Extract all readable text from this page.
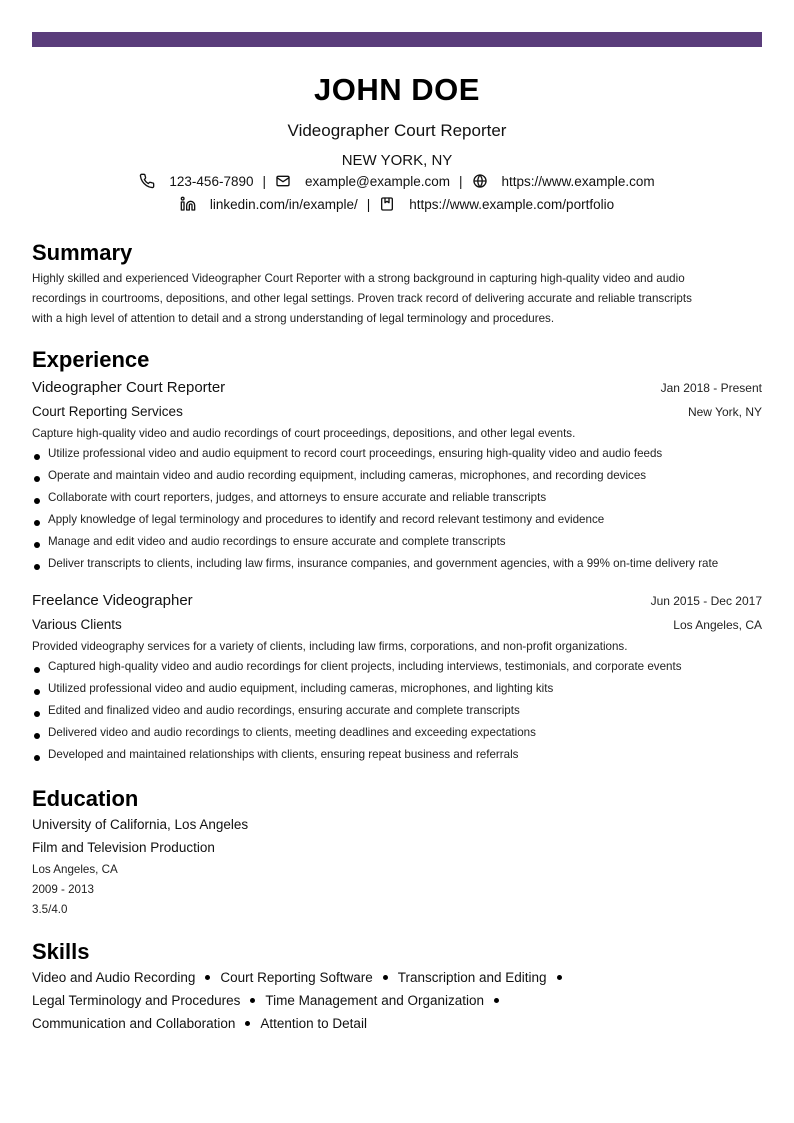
JOHN DOE
Videographer Court Reporter
NEW YORK, NY
123-456-7890 |	example@example.com |	https://www.example.com
linkedin.com/in/example/ |	https://www.example.com/portfolio
Summary
Highly skilled and experienced Videographer Court Reporter with a strong background in capturing high-quality video and audio
recordings in courtrooms, depositions, and other legal settings. Proven track record of delivering accurate and reliable transcripts
with a high level of attention to detail and a strong understanding of legal terminology and procedures.
Experience
Videographer Court Reporter	Jan 2018 - Present
Court Reporting Services	New York, NY
Capture high-quality video and audio recordings of court proceedings, depositions, and other legal events.
Utilize professional video and audio equipment to record court proceedings, ensuring high-quality video and audio feeds
Operate and maintain video and audio recording equipment, including cameras, microphones, and recording devices
Collaborate with court reporters, judges, and attorneys to ensure accurate and reliable transcripts
Apply knowledge of legal terminology and procedures to identify and record relevant testimony and evidence
Manage and edit video and audio recordings to ensure accurate and complete transcripts
Deliver transcripts to clients, including law firms, insurance companies, and government agencies, with a 99% on-time delivery rate
Freelance Videographer	Jun 2015 - Dec 2017
Various Clients	Los Angeles, CA
Provided videography services for a variety of clients, including law firms, corporations, and non-profit organizations.
Captured high-quality video and audio recordings for client projects, including interviews, testimonials, and corporate events
Utilized professional video and audio equipment, including cameras, microphones, and lighting kits
Edited and finalized video and audio recordings, ensuring accurate and complete transcripts
Delivered video and audio recordings to clients, meeting deadlines and exceeding expectations
Developed and maintained relationships with clients, ensuring repeat business and referrals
Education
University of California, Los Angeles
Film and Television Production
Los Angeles, CA
2009 - 2013
3.5/4.0
Skills
Video and Audio Recording Court Reporting Software Transcription and Editing
Legal Terminology and Procedures Time Management and Organization
Communication and Collaboration Attention to Detail
